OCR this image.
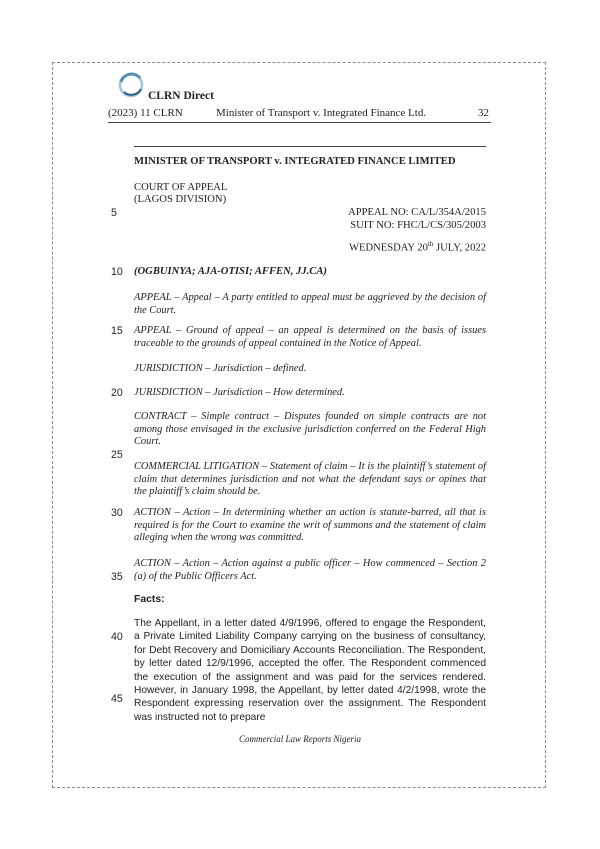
CLRN Direct
(2023) 11 CLRN	Minister of Transport v. Integrated Finance Ltd.	32
MINISTER OF TRANSPORT v. INTEGRATED FINANCE LIMITED
COURT OF APPEAL
(LAGOS DIVISION)
5	APPEAL NO: CA/L/354A/2015
SUIT NO: FHC/L/CS/305/2003
WEDNESDAY 20th JULY, 2022
10 (OGBUINYA; AJA-OTISI; AFFEN, JJ.CA)
APPEAL – Appeal – A party entitled to appeal must be aggrieved by the decision of the Court.
15 APPEAL – Ground of appeal – an appeal is determined on the basis of issues traceable to the grounds of appeal contained in the Notice of Appeal.
JURISDICTION – Jurisdiction – defined.
20 JURISDICTION – Jurisdiction – How determined.
CONTRACT – Simple contract – Disputes founded on simple contracts are not among those envisaged in the exclusive jurisdiction conferred on the Federal High Court.
25
COMMERCIAL LITIGATION – Statement of claim – It is the plaintiff’s statement of claim that determines jurisdiction and not what the defendant says or opines that the plaintiff’s claim should be.
30 ACTION – Action – In determining whether an action is statute-barred, all that is required is for the Court to examine the writ of summons and the statement of claim alleging when the wrong was committed.
ACTION – Action – Action against a public officer – How commenced – Section 2 (a) of the Public Officers Act.
35
Facts:
The Appellant, in a letter dated 4/9/1996, offered to engage the Respondent, a Private Limited Liability Company carrying on the business of consultancy, for Debt Recovery and Domiciliary Accounts Reconciliation. The Respondent, by letter dated 12/9/1996, accepted the offer. The Respondent commenced the execution of the assignment and was paid for the services rendered. However, in January 1998, the Appellant, by letter dated 4/2/1998, wrote the Respondent expressing reservation over the assignment. The Respondent was instructed not to prepare
40
45
Commercial Law Reports Nigeria
